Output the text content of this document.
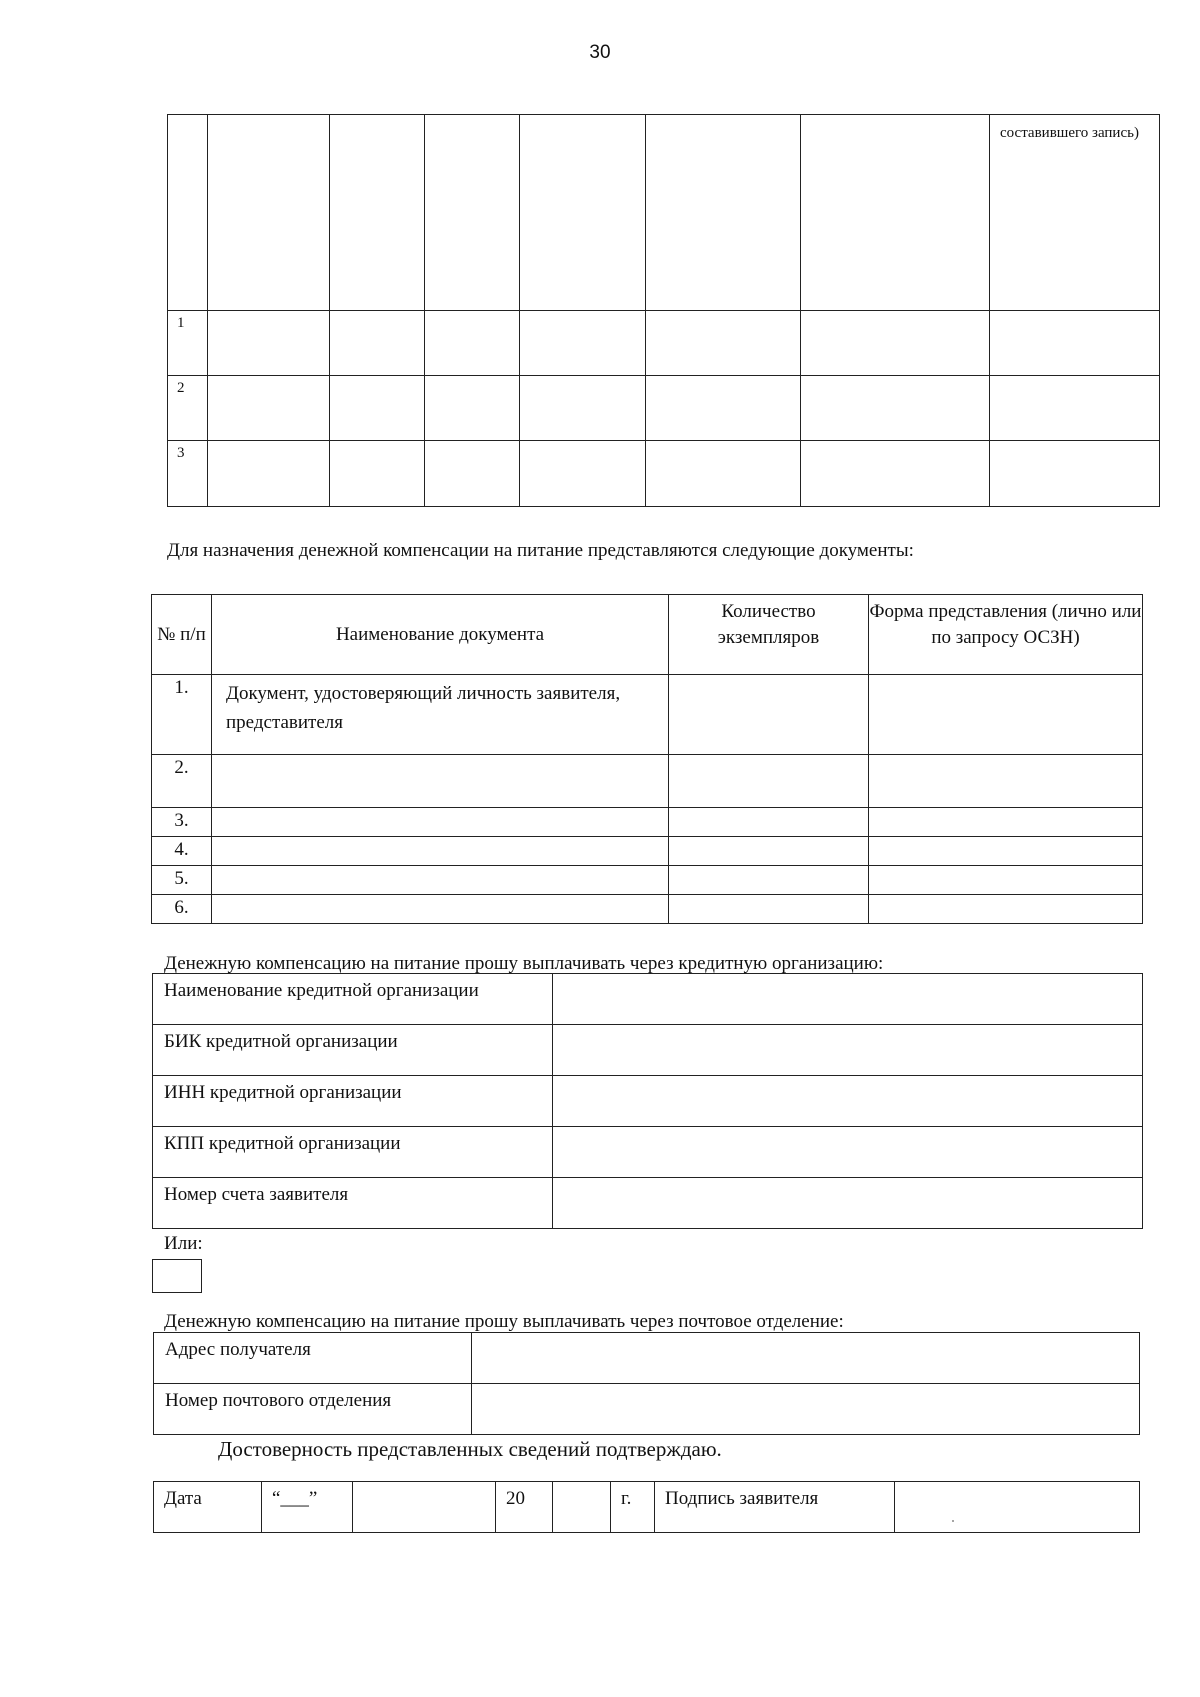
30
							составившего запись)
1							
2							
3							
Для назначения денежной компенсации на питание представляются следующие документы:
№ п/п	Наименование документа	Количество экземпляров	Форма представления (лично или по запросу ОСЗН)
1.	Документ, удостоверяющий личность заявителя, представителя		
2.			
3.			
4.			
5.			
6.			
Денежную компенсацию на питание прошу выплачивать через кредитную организацию:
Наименование кредитной организации	
БИК кредитной организации	
ИНН кредитной организации	
КПП кредитной организации	
Номер счета заявителя	
Или:
Денежную компенсацию на питание прошу выплачивать через почтовое отделение:
Адрес получателя	
Номер почтового отделения	
Достоверность представленных сведений подтверждаю.
Дата	“___”		20		г.	Подпись заявителя	
